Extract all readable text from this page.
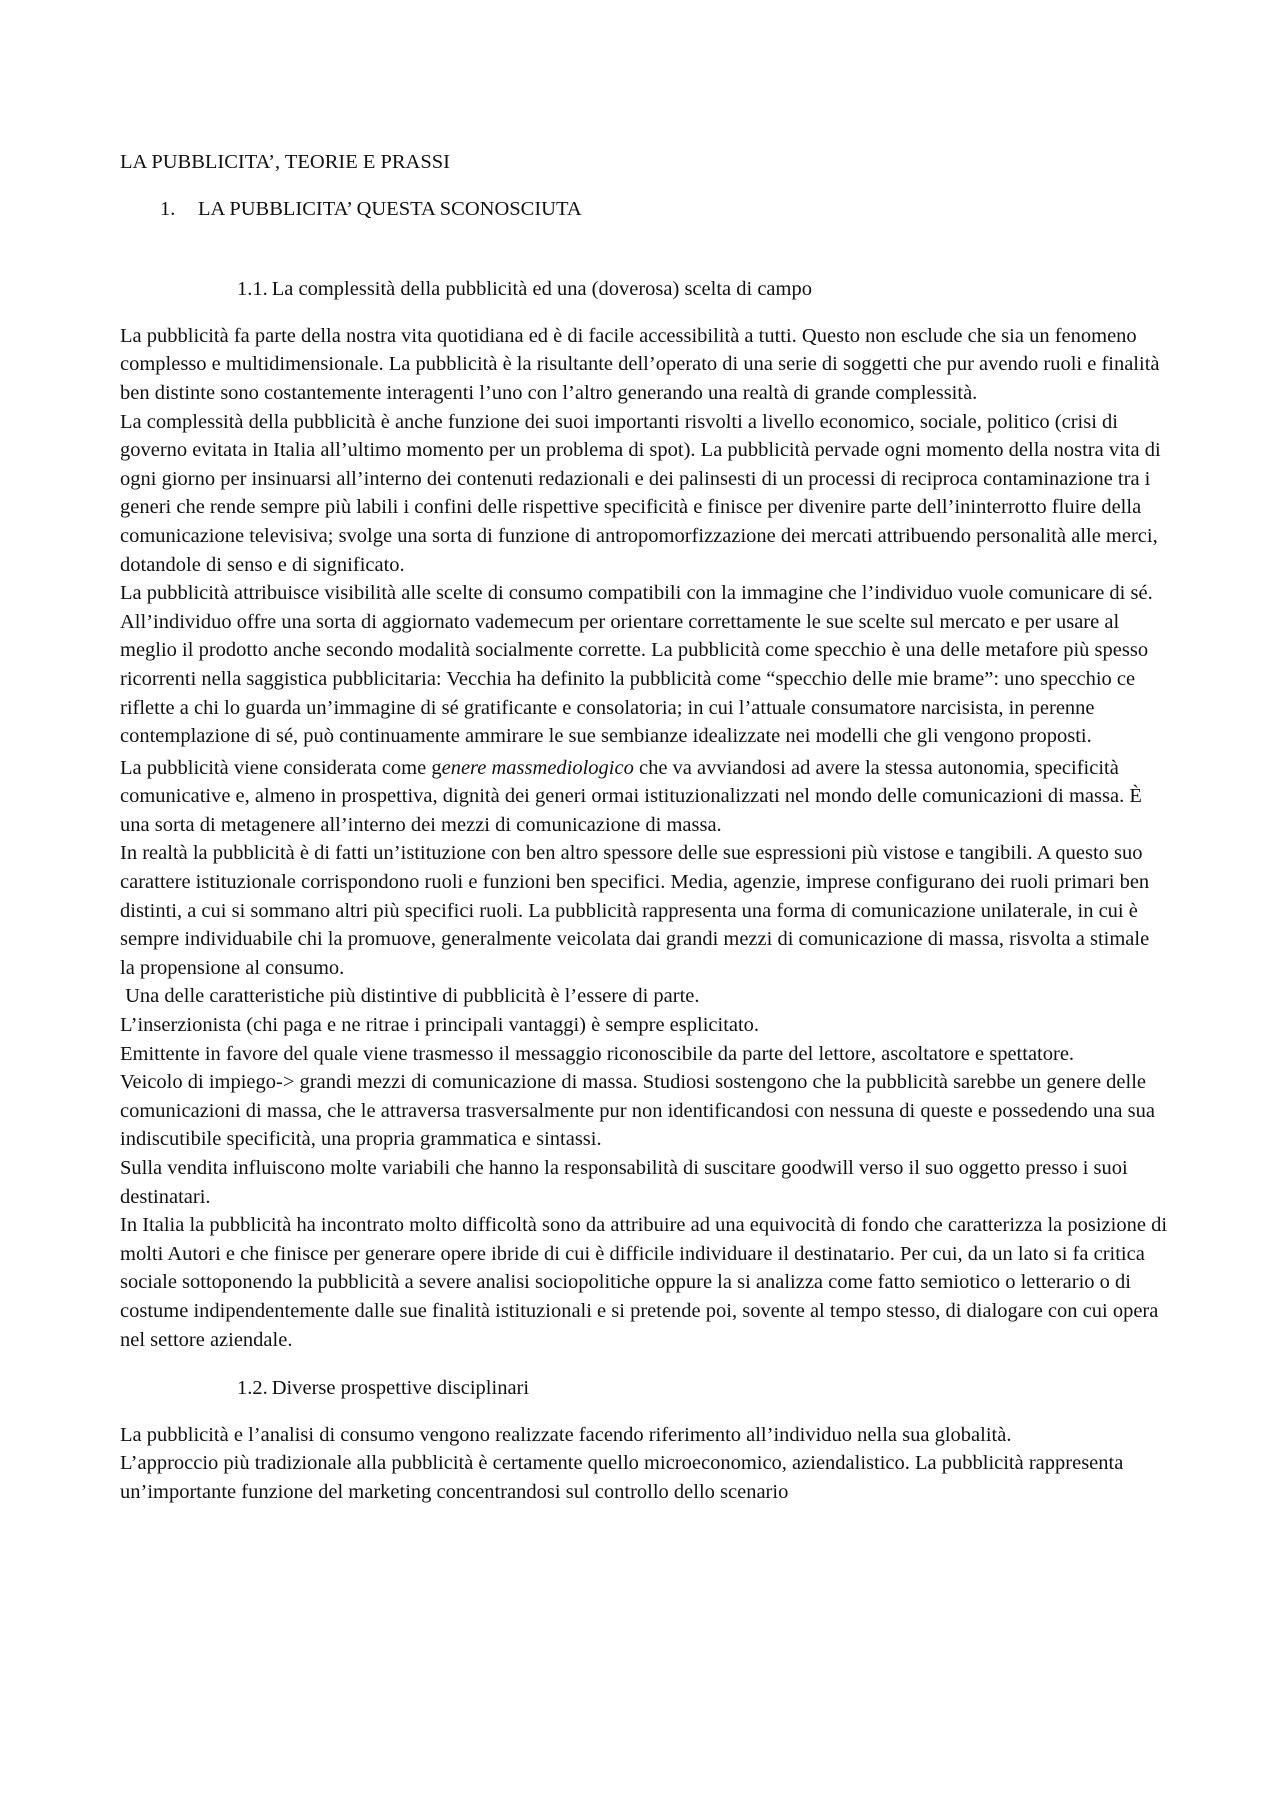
LA PUBBLICITA’, TEORIE E PRASSI
1.	LA PUBBLICITA’ QUESTA SCONOSCIUTA
1.1. La complessità della pubblicità ed una (doverosa) scelta di campo

La pubblicità fa parte della nostra vita quotidiana ed è di facile accessibilità a tutti. Questo non esclude che sia un fenomeno complesso e multidimensionale. La pubblicità è la risultante dell’operato di una serie di soggetti che pur avendo ruoli e finalità ben distinte sono costantemente interagenti l’uno con l’altro generando una realtà di grande complessità.

La complessità della pubblicità è anche funzione dei suoi importanti risvolti a livello economico, sociale, politico (crisi di governo evitata in Italia all’ultimo momento per un problema di spot). La pubblicità pervade ogni momento della nostra vita di ogni giorno per insinuarsi all’interno dei contenuti redazionali e dei palinsesti di un processi di reciproca contaminazione tra i generi che rende sempre più labili i confini delle rispettive specificità e finisce per divenire parte dell’ininterrotto fluire della comunicazione televisiva; svolge una sorta di funzione di antropomorfizzazione dei mercati attribuendo personalità alle merci, dotandole di senso e di significato.

La pubblicità attribuisce visibilità alle scelte di consumo compatibili con la immagine che l’individuo vuole comunicare di sé. All’individuo offre una sorta di aggiornato vademecum per orientare correttamente le sue scelte sul mercato e per usare al meglio il prodotto anche secondo modalità socialmente corrette. La pubblicità come specchio è una delle metafore più spesso ricorrenti nella saggistica pubblicitaria: Vecchia ha definito la pubblicità come “specchio delle mie brame”: uno specchio ce riflette a chi lo guarda un’immagine di sé gratificante e consolatoria; in cui l’attuale consumatore narcisista, in perenne contemplazione di sé, può continuamente ammirare le sue sembianze idealizzate nei modelli che gli vengono proposti.

La pubblicità viene considerata come genere massmediologico che va avviandosi ad avere la stessa autonomia, specificità comunicative e, almeno in prospettiva, dignità dei generi ormai istituzionalizzati nel mondo delle comunicazioni di massa. È una sorta di metagenere all’interno dei mezzi di comunicazione di massa.

In realtà la pubblicità è di fatti un’istituzione con ben altro spessore delle sue espressioni più vistose e tangibili. A questo suo carattere istituzionale corrispondono ruoli e funzioni ben specifici. Media, agenzie, imprese configurano dei ruoli primari ben distinti, a cui si sommano altri più specifici ruoli. La pubblicità rappresenta una forma di comunicazione unilaterale, in cui è sempre individuabile chi la promuove, generalmente veicolata dai grandi mezzi di comunicazione di massa, risvolta a stimale la propensione al consumo.

Una delle caratteristiche più distintive di pubblicità è l’essere di parte.

L’inserzionista (chi paga e ne ritrae i principali vantaggi) è sempre esplicitato.

Emittente in favore del quale viene trasmesso il messaggio riconoscibile da parte del lettore, ascoltatore e spettatore.

Veicolo di impiego-> grandi mezzi di comunicazione di massa. Studiosi sostengono che la pubblicità sarebbe un genere delle comunicazioni di massa, che le attraversa trasversalmente pur non identificandosi con nessuna di queste e possedendo una sua indiscutibile specificità, una propria grammatica e sintassi.

Sulla vendita influiscono molte variabili che hanno la responsabilità di suscitare goodwill verso il suo oggetto presso i suoi destinatari.

In Italia la pubblicità ha incontrato molto difficoltà sono da attribuire ad una equivocità di fondo che caratterizza la posizione di molti Autori e che finisce per generare opere ibride di cui è difficile individuare il destinatario. Per cui, da un lato si fa critica sociale sottoponendo la pubblicità a severe analisi sociopolitiche oppure la si analizza come fatto semiotico o letterario o di costume indipendentemente dalle sue finalità istituzionali e si pretende poi, sovente al tempo stesso, di dialogare con cui opera nel settore aziendale.

1.2. Diverse prospettive disciplinari

La pubblicità e l’analisi di consumo vengono realizzate facendo riferimento all’individuo nella sua globalità.

L’approccio più tradizionale alla pubblicità è certamente quello microeconomico, aziendalistico. La pubblicità rappresenta un’importante funzione del marketing concentrandosi sul controllo dello scenario
